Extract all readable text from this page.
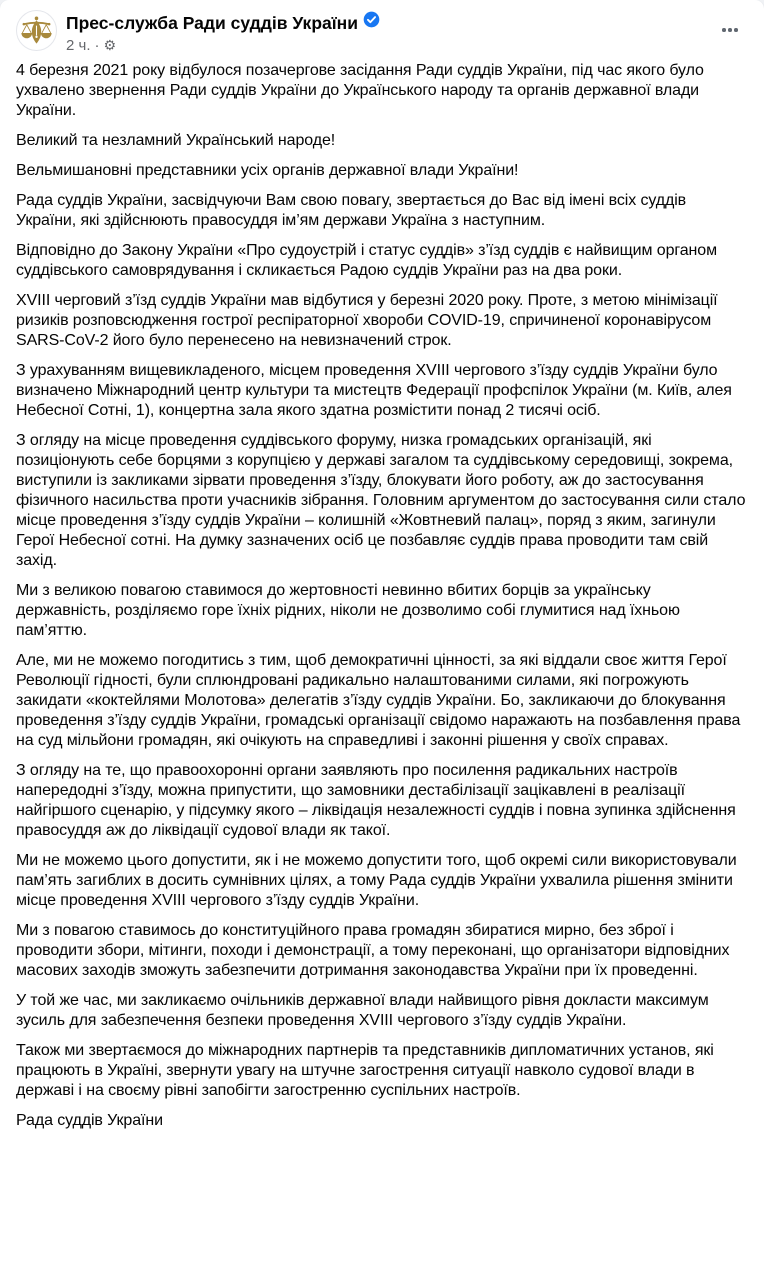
Прес-служба Ради суддів України
2 ч. · ⚙

4 березня 2021 року відбулося позачергове засідання Ради суддів України, під час якого було ухвалено звернення Ради суддів України до Українського народу та органів державної влади України.

Великий та незламний Український народе!

Вельмишановні представники усіх органів державної влади України!

Рада суддів України, засвідчуючи Вам свою повагу, звертається до Вас від імені всіх суддів України, які здійснюють правосуддя ім’ям держави Україна з наступним.

Відповідно до Закону України «Про судоустрій і статус суддів» з’їзд суддів є найвищим органом суддівського самоврядування і скликається Радою суддів України раз на два роки.

XVIII черговий з’їзд суддів України мав відбутися у березні 2020 року. Проте, з метою мінімізації ризиків розповсюдження гострої респіраторної хвороби COVID-19, спричиненої коронавірусом SARS-CoV-2 його було перенесено на невизначений строк.

З урахуванням вищевикладеного, місцем проведення XVIII чергового з’їзду суддів України було визначено Міжнародний центр культури та мистецтв Федерації профспілок України (м. Київ, алея Небесної Сотні, 1), концертна зала якого здатна розмістити понад 2 тисячі осіб.

З огляду на місце проведення суддівського форуму, низка громадських організацій, які позиціонують себе борцями з корупцією у державі загалом та суддівському середовищі, зокрема, виступили із закликами зірвати проведення з’їзду, блокувати його роботу, аж до застосування фізичного насильства проти учасників зібрання. Головним аргументом до застосування сили стало місце проведення з’їзду суддів України – колишній «Жовтневий палац», поряд з яким, загинули Герої Небесної сотні. На думку зазначених осіб це позбавляє суддів права проводити там свій захід.

Ми з великою повагою ставимося до жертовності невинно вбитих борців за українську державність, розділяємо горе їхніх рідних, ніколи не дозволимо собі глумитися над їхньою пам’яттю.

Але, ми не можемо погодитись з тим, щоб демократичні цінності, за які віддали своє життя Герої Революції гідності, були сплюндровані радикально налаштованими силами, які погрожують закидати «коктейлями Молотова» делегатів з’їзду суддів України. Бо, закликаючи до блокування проведення з’їзду суддів України, громадські організації свідомо наражають на позбавлення права на суд мільйони громадян, які очікують на справедливі і законні рішення у своїх справах.

З огляду на те, що правоохоронні органи заявляють про посилення радикальних настроїв напередодні з’їзду, можна припустити, що замовники дестабілізації зацікавлені в реалізації найгіршого сценарію, у підсумку якого – ліквідація незалежності суддів і повна зупинка здійснення правосуддя аж до ліквідації судової влади як такої.

Ми не можемо цього допустити, як і не можемо допустити того, щоб окремі сили використовували пам’ять загиблих в досить сумнівних цілях, а тому Рада суддів України ухвалила рішення змінити місце проведення XVIII чергового з’їзду суддів України.

Ми з повагою ставимось до конституційного права громадян збиратися мирно, без зброї і проводити збори, мітинги, походи і демонстрації, а тому переконані, що організатори відповідних масових заходів зможуть забезпечити дотримання законодавства України при їх проведенні.

У той же час, ми закликаємо очільників державної влади найвищого рівня докласти максимум зусиль для забезпечення безпеки проведення XVIII чергового з’їзду суддів України.

Також ми звертаємося до міжнародних партнерів та представників дипломатичних установ, які працюють в Україні, звернути увагу на штучне загострення ситуації навколо судової влади в державі і на своєму рівні запобігти загостренню суспільних настроїв.

Рада суддів України
